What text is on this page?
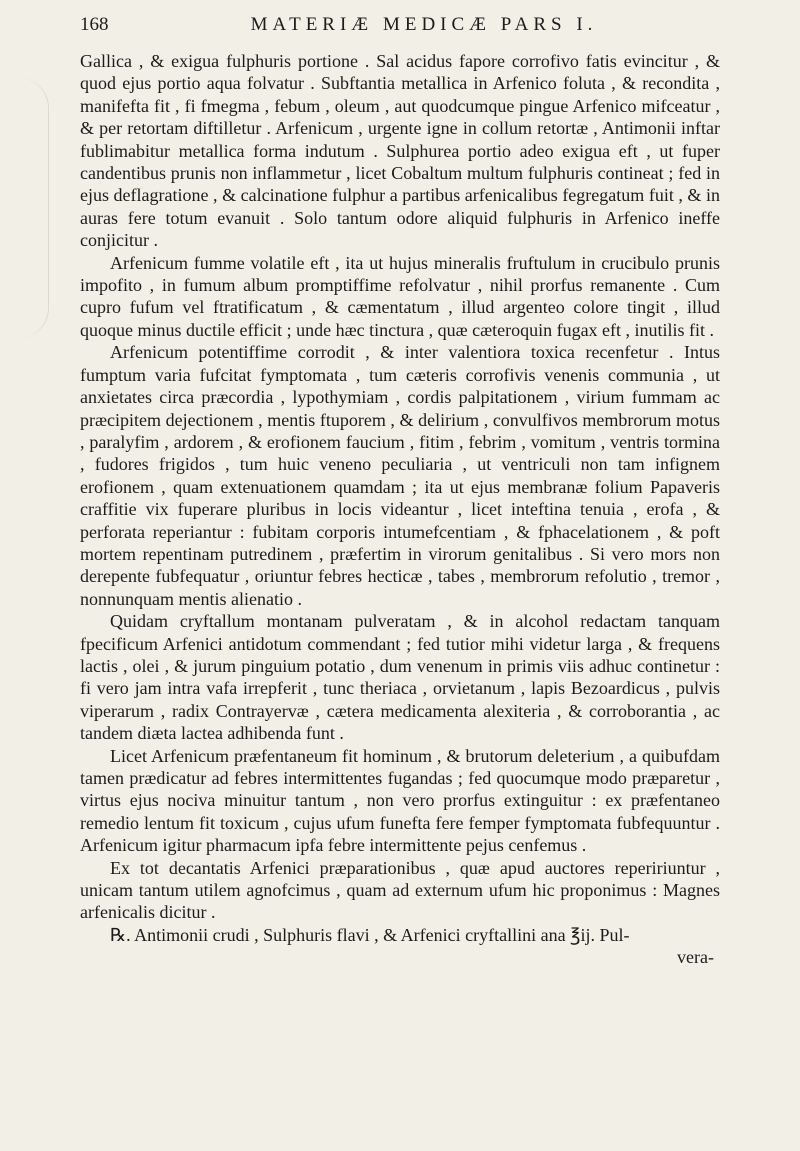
168	MATERIÆ MEDICÆ PARS I.

Gallica , & exigua fulphuris portione . Sal acidus fapore corrofivo fatis evincitur , & quod ejus portio aqua folvatur . Subftantia metallica in Arfenico foluta , & recondita , manifefta fit , fi fmegma , febum , oleum , aut quodcumque pingue Arfenico mifceatur , & per retortam diftilletur . Arfenicum , urgente igne in collum retortæ , Antimonii inftar fublimabitur metallica forma indutum . Sulphurea portio adeo exigua eft , ut fuper candentibus prunis non inflammetur , licet Cobaltum multum fulphuris contineat ; fed in ejus deflagratione , & calcinatione fulphur a partibus arfenicalibus fegregatum fuit , & in auras fere totum evanuit . Solo tantum odore aliquid fulphuris in Arfenico ineffe conjicitur .

Arfenicum fumme volatile eft , ita ut hujus mineralis fruftulum in crucibulo prunis impofito , in fumum album promptiffime refolvatur , nihil prorfus remanente . Cum cupro fufum vel ftratificatum , & cæmentatum , illud argenteo colore tingit , illud quoque minus ductile efficit ; unde hæc tinctura , quæ cæteroquin fugax eft , inutilis fit .

Arfenicum potentiffime corrodit , & inter valentiora toxica recenfetur . Intus fumptum varia fufcitat fymptomata , tum cæteris corrofivis venenis communia , ut anxietates circa præcordia , lypothymiam , cordis palpitationem , virium fummam ac præcipitem dejectionem , mentis ftuporem , & delirium , convulfivos membrorum motus , paralyfim , ardorem , & erofionem faucium , fitim , febrim , vomitum , ventris tormina , fudores frigidos , tum huic veneno peculiaria , ut ventriculi non tam infignem erofionem , quam extenuationem quamdam ; ita ut ejus membranæ folium Papaveris craffitie vix fuperare pluribus in locis videantur , licet inteftina tenuia , erofa , & perforata reperiantur : fubitam corporis intumefcentiam , & fphacelationem , & poft mortem repentinam putredinem , præfertim in virorum genitalibus . Si vero mors non derepente fubfequatur , oriuntur febres hecticæ , tabes , membrorum refolutio , tremor , nonnunquam mentis alienatio .

Quidam cryftallum montanam pulveratam , & in alcohol redactam tanquam fpecificum Arfenici antidotum commendant ; fed tutior mihi videtur larga , & frequens lactis , olei , & jurum pinguium potatio , dum venenum in primis viis adhuc continetur : fi vero jam intra vafa irrepferit , tunc theriaca , orvietanum , lapis Bezoardicus , pulvis viperarum , radix Contrayervæ , cætera medicamenta alexiteria , & corroborantia , ac tandem diæta lactea adhibenda funt .

Licet Arfenicum præfentaneum fit hominum , & brutorum deleterium , a quibufdam tamen prædicatur ad febres intermittentes fugandas ; fed quocumque modo præparetur , virtus ejus nociva minuitur tantum , non vero prorfus extinguitur : ex præfentaneo remedio lentum fit toxicum , cujus ufum funefta fere femper fymptomata fubfequuntur . Arfenicum igitur pharmacum ipfa febre intermittente pejus cenfemus .

Ex tot decantatis Arfenici præparationibus , quæ apud auctores repeririuntur , unicam tantum utilem agnofcimus , quam ad externum ufum hic proponimus : Magnes arfenicalis dicitur .

℞. Antimonii crudi , Sulphuris flavi , & Arfenici cryftallini ana ℥ij. Pul-

vera-
